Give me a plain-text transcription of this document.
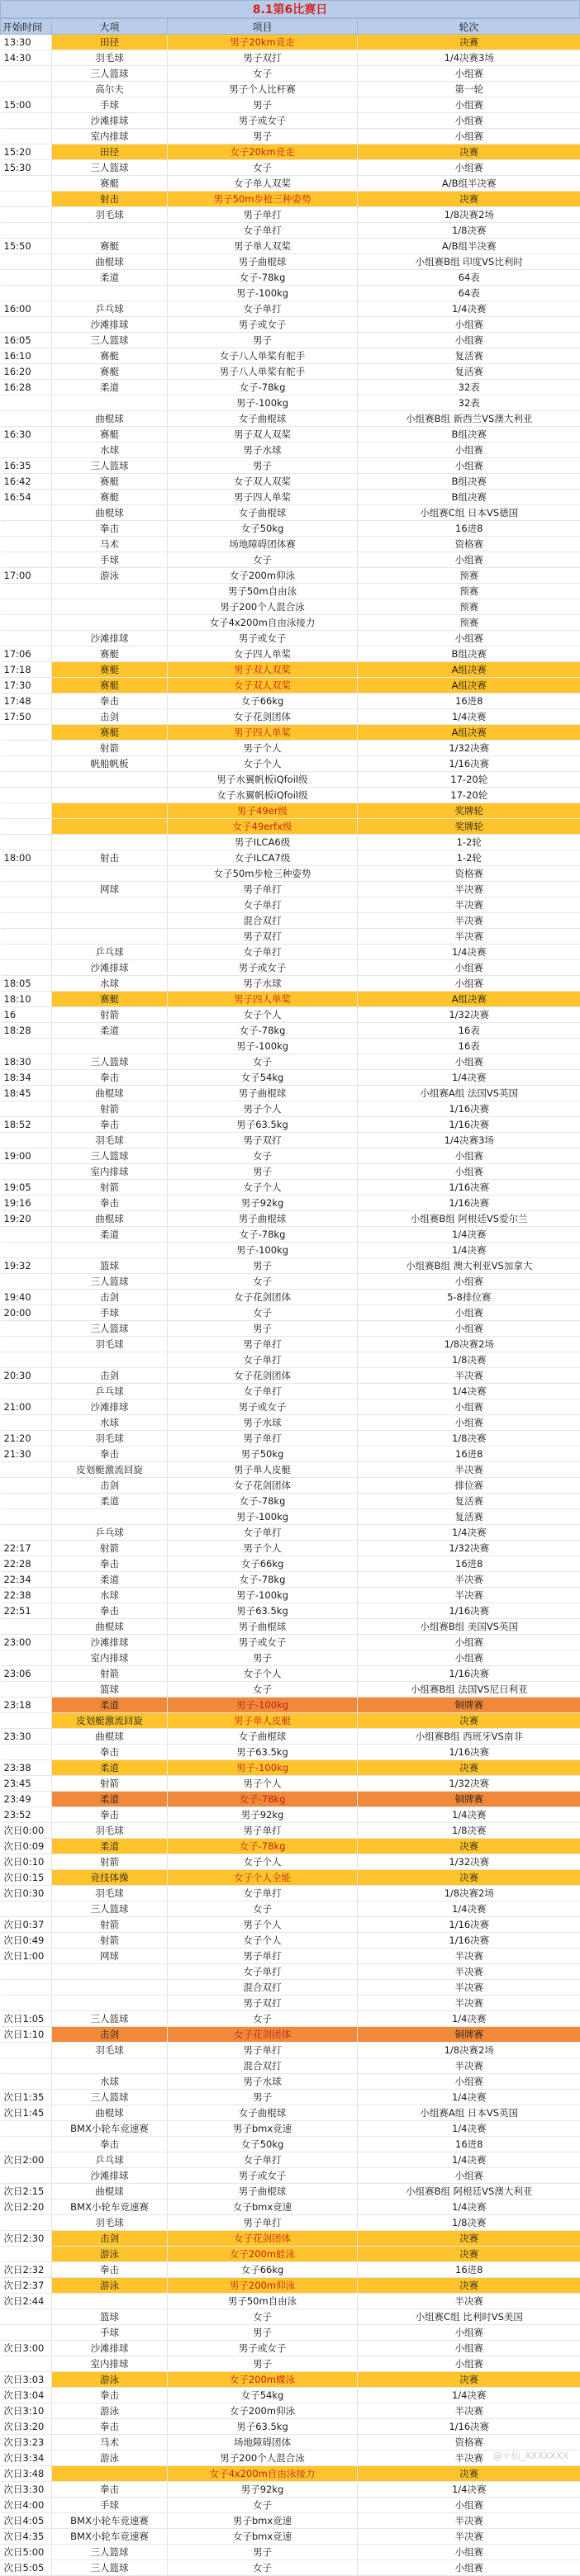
8.1第6比赛日
开始时间	大项	项目	轮次
13:30	田径	男子20km竞走	决赛
14:30	羽毛球	男子双打	1/4决赛3场
	三人篮球	女子	小组赛
	高尔夫	男子个人比杆赛	第一轮
15:00	手球	男子	小组赛
	沙滩排球	男子或女子	小组赛
	室内排球	男子	小组赛
15:20	田径	女子20km竞走	决赛
15:30	三人篮球	女子	小组赛
	赛艇	女子单人双桨	A/B组半决赛
	射击	男子50m步枪三种姿势	决赛
	羽毛球	男子单打	1/8决赛2场
		女子单打	1/8决赛
15:50	赛艇	男子单人双桨	A/B组半决赛
	曲棍球	男子曲棍球	小组赛B组 印度VS比利时
	柔道	女子-78kg	64表
		男子-100kg	64表
16:00	乒乓球	女子单打	1/4决赛
	沙滩排球	男子或女子	小组赛
16:05	三人篮球	男子	小组赛
16:10	赛艇	女子八人单桨有舵手	复活赛
16:20	赛艇	男子八人单桨有舵手	复活赛
16:28	柔道	女子-78kg	32表
		男子-100kg	32表
	曲棍球	女子曲棍球	小组赛B组 新西兰VS澳大利亚
16:30	赛艇	男子双人双桨	B组决赛
	水球	男子水球	小组赛
16:35	三人篮球	男子	小组赛
16:42	赛艇	女子双人双桨	B组决赛
16:54	赛艇	男子四人单桨	B组决赛
	曲棍球	女子曲棍球	小组赛C组 日本VS德国
	拳击	女子50kg	16进8
	马术	场地障碍团体赛	资格赛
	手球	女子	小组赛
17:00	游泳	女子200m仰泳	预赛
		男子50m自由泳	预赛
		男子200个人混合泳	预赛
		女子4x200m自由泳接力	预赛
	沙滩排球	男子或女子	小组赛
17:06	赛艇	女子四人单桨	B组决赛
17:18	赛艇	男子双人双桨	A组决赛
17:30	赛艇	女子双人双桨	A组决赛
17:48	拳击	女子66kg	16进8
17:50	击剑	女子花剑团体	1/4决赛
	赛艇	男子四人单桨	A组决赛
	射箭	男子个人	1/32决赛
	帆船帆板	女子个人	1/16决赛
		男子水翼帆板iQfoil级	17-20轮
		女子水翼帆板iQfoil级	17-20轮
		男子49er级	奖牌轮
		女子49erfx级	奖牌轮
		男子ILCA6级	1-2轮
18:00	射击	女子ILCA7级	1-2轮
		女子50m步枪三种姿势	资格赛
	网球	男子单打	半决赛
		女子单打	半决赛
		混合双打	半决赛
		男子双打	半决赛
	乒乓球	女子单打	1/4决赛
	沙滩排球	男子或女子	小组赛
18:05	水球	男子水球	小组赛
18:10	赛艇	男子四人单桨	A组决赛
16	射箭	女子个人	1/32决赛
18:28	柔道	女子-78kg	16表
		男子-100kg	16表
18:30	三人篮球	女子	小组赛
18:34	拳击	女子54kg	1/4决赛
18:45	曲棍球	男子曲棍球	小组赛A组 法国VS英国
	射箭	男子个人	1/16决赛
18:52	拳击	男子63.5kg	1/16决赛
	羽毛球	男子双打	1/4决赛3场
19:00	三人篮球	女子	小组赛
	室内排球	男子	小组赛
19:05	射箭	女子个人	1/16决赛
19:16	拳击	男子92kg	1/16决赛
19:20	曲棍球	男子曲棍球	小组赛B组 阿根廷VS爱尔兰
	柔道	女子-78kg	1/4决赛
		男子-100kg	1/4决赛
19:32	篮球	男子	小组赛B组 澳大利亚VS加拿大
	三人篮球	女子	小组赛
19:40	击剑	女子花剑团体	5-8排位赛
20:00	手球	女子	小组赛
	三人篮球	男子	小组赛
	羽毛球	男子单打	1/8决赛2场
		女子单打	1/8决赛
20:30	击剑	女子花剑团体	半决赛
	乒乓球	女子单打	1/4决赛
21:00	沙滩排球	男子或女子	小组赛
	水球	男子水球	小组赛
21:20	羽毛球	男子单打	1/8决赛
21:30	拳击	男子50kg	16进8
	皮划艇激流回旋	男子单人皮艇	半决赛
	击剑	女子花剑团体	排位赛
	柔道	女子-78kg	复活赛
		男子-100kg	复活赛
	乒乓球	女子单打	1/4决赛
22:17	射箭	男子个人	1/32决赛
22:28	拳击	女子66kg	16进8
22:34	柔道	女子-78kg	半决赛
22:38	水球	男子-100kg	半决赛
22:51	拳击	男子63.5kg	1/16决赛
	曲棍球	男子曲棍球	小组赛B组 美国VS英国
23:00	沙滩排球	男子或女子	小组赛
	室内排球	男子	小组赛
23:06	射箭	女子个人	1/16决赛
	篮球	女子	小组赛B组 法国VS尼日利亚
23:18	柔道	男子-100kg	铜牌赛
	皮划艇激流回旋	男子单人皮艇	决赛
23:30	曲棍球	女子曲棍球	小组赛B组 西班牙VS南非
	拳击	男子63.5kg	1/16决赛
23:38	柔道	男子-100kg	决赛
23:45	射箭	男子个人	1/32决赛
23:49	柔道	女子-78kg	铜牌赛
23:52	拳击	男子92kg	1/4决赛
次日0:00	羽毛球	男子单打	1/8决赛
次日0:09	柔道	女子-78kg	决赛
次日0:10	射箭	女子个人	1/32决赛
次日0:15	竞技体操	女子个人全能	决赛
次日0:30	羽毛球	女子单打	1/8决赛2场
	三人篮球	女子	1/4决赛
次日0:37	射箭	男子个人	1/16决赛
次日0:49	射箭	女子个人	1/16决赛
次日1:00	网球	男子单打	半决赛
		女子单打	半决赛
		混合双打	半决赛
		男子双打	半决赛
次日1:05	三人篮球	女子	1/4决赛
次日1:10	击剑	女子花剑团体	铜牌赛
	羽毛球	男子单打	1/8决赛2场
		混合双打	半决赛
	水球	男子水球	小组赛
次日1:35	三人篮球	男子	1/4决赛
次日1:45	曲棍球	女子曲棍球	小组赛A组 日本VS英国
	BMX小轮车竞速赛	男子bmx竞速	1/4决赛
	拳击	女子50kg	16进8
次日2:00	乒乓球	女子单打	1/4决赛
	沙滩排球	男子或女子	小组赛
次日2:15	曲棍球	男子曲棍球	小组赛B组 阿根廷VS澳大利亚
次日2:20	BMX小轮车竞速赛	女子bmx竞速	1/4决赛
	羽毛球	男子单打	1/8决赛
次日2:30	击剑	女子花剑团体	决赛
	游泳	女子200m蛙泳	决赛
次日2:32	拳击	女子66kg	16进8
次日2:37	游泳	男子200m仰泳	决赛
次日2:44		男子50m自由泳	半决赛
	篮球	女子	小组赛C组 比利时VS美国
	手球	男子	小组赛
次日3:00	沙滩排球	男子或女子	小组赛
	室内排球	男子	小组赛
次日3:03	游泳	女子200m蝶泳	决赛
次日3:04	拳击	女子54kg	1/4决赛
次日3:10	游泳	女子200m仰泳	半决赛
次日3:20	拳击	男子63.5kg	1/16决赛
次日3:23	马术	场地障碍团体	资格赛
次日3:34	游泳	男子200个人混合泳	半决赛
次日3:48		女子4x200m自由泳接力	决赛
次日3:30	拳击	男子92kg	1/4决赛
次日4:00	手球	女子	小组赛
次日4:05	BMX小轮车竞速赛	男子bmx竞速	半决赛
次日4:35	BMX小轮车竞速赛	女子bmx竞速	半决赛
次日5:00	三人篮球	男子	小组赛
次日5:05	三人篮球	女子	小组赛
@小仙_XXXXXXX
